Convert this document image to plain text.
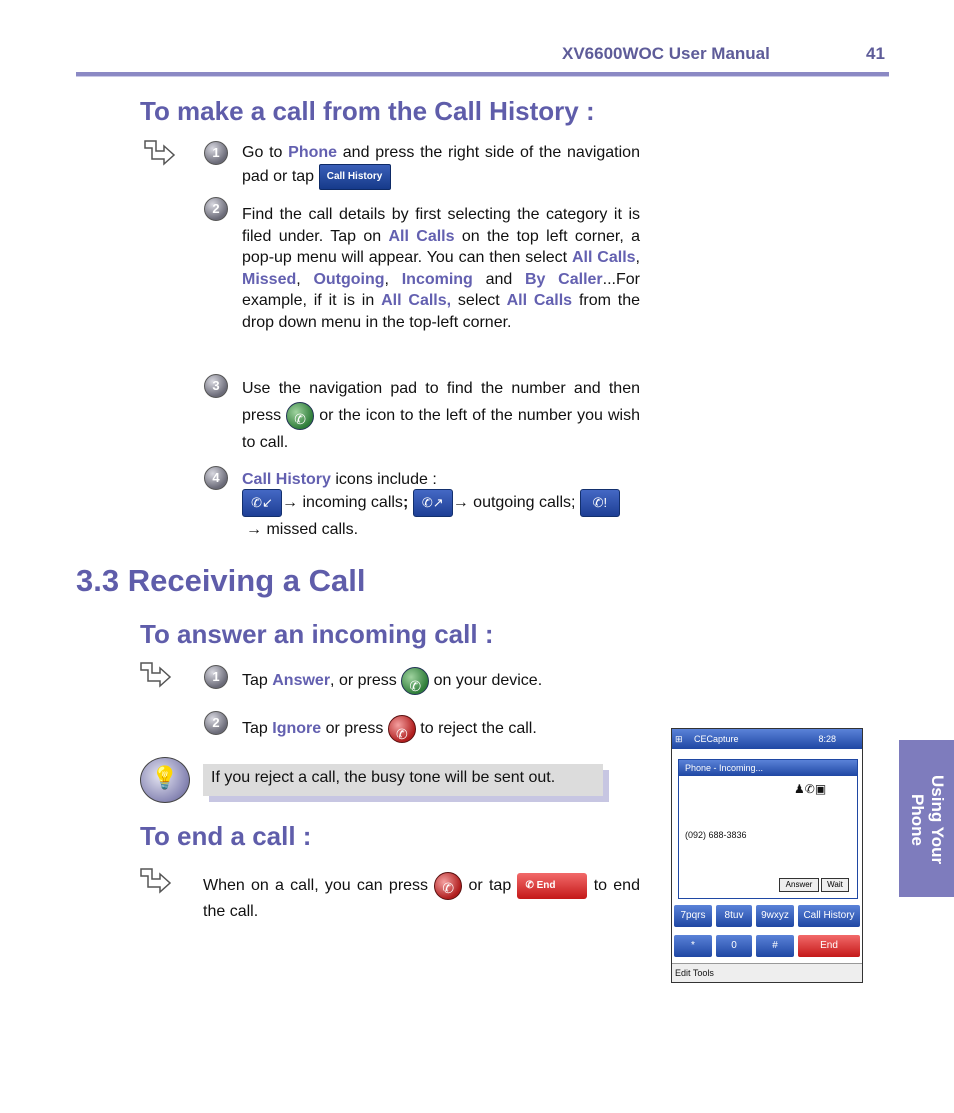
XV6600WOC User Manual	41
To make a call from the Call History :
1	Go to Phone and press the right side of the navigation pad or tap Call History
2	Find the call details by first selecting the category it is filed under. Tap on All Calls on the top left corner, a pop-up menu will appear. You can then select All Calls, Missed, Outgoing, Incoming and By Caller...For example, if it is in All Calls, select All Calls from the drop down menu in the top-left corner.
3	Use the navigation pad to find the number and then press ✆ or the icon to the left of the number you wish to call.
4	Call History icons include :
✆↙ → incoming calls; ✆↗ → outgoing calls; ✆!
→ missed calls.
3.3 Receiving a Call
To answer an incoming call :
1	Tap Answer, or press ✆ on your device.
2	Tap Ignore or press ✆ to reject the call.
💡	If you reject a call, the busy tone will be sent out.
To end a call :
When on a call, you can press	✆ or tap ✆ End to end the call.
Using Your
Phone
⊞ CECapture	8:28
Phone - Incoming...
♟✆▣
(092) 688-3836
Answer	Wait
7pqrs	8tuv	9wxyz	Call History
*	0	#	End
Edit Tools
